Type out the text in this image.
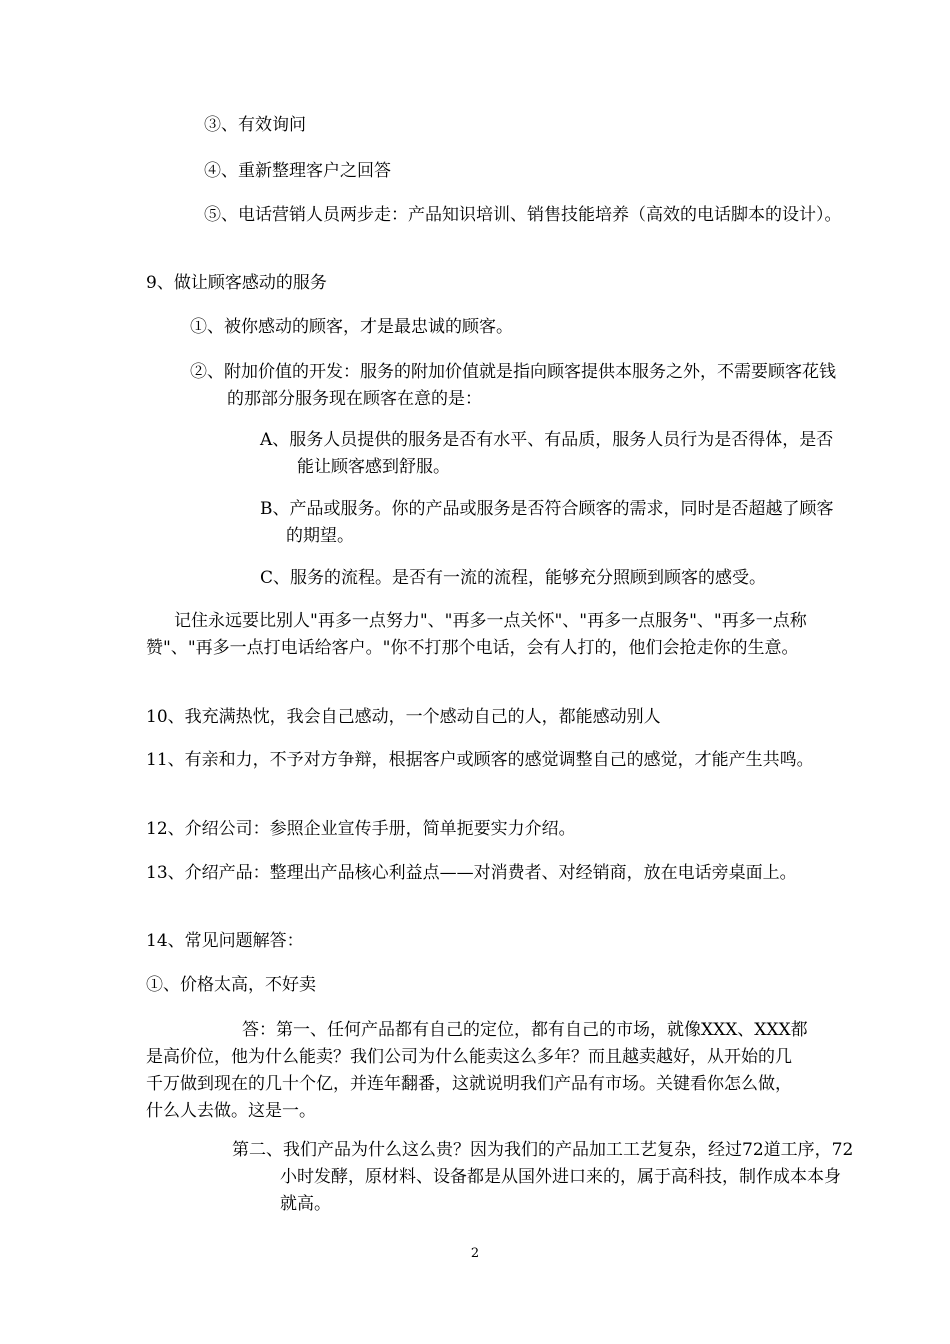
③、有效询问

④、重新整理客户之回答

⑤、电话营销人员两步走：产品知识培训、销售技能培养（高效的电话脚本的设计）。

9、做让顾客感动的服务

①、被你感动的顾客，才是最忠诚的顾客。

②、附加价值的开发：服务的附加价值就是指向顾客提供本服务之外，不需要顾客花钱的那部分服务现在顾客在意的是：

A、服务人员提供的服务是否有水平、有品质，服务人员行为是否得体，是否能让顾客感到舒服。

B、产品或服务。你的产品或服务是否符合顾客的需求，同时是否超越了顾客的期望。

C、服务的流程。是否有一流的流程，能够充分照顾到顾客的感受。

记住永远要比别人"再多一点努力"、"再多一点关怀"、"再多一点服务"、"再多一点称赞"、"再多一点打电话给客户。"你不打那个电话，会有人打的，他们会抢走你的生意。

10、我充满热忱，我会自己感动，一个感动自己的人，都能感动别人

11、有亲和力，不予对方争辩，根据客户或顾客的感觉调整自己的感觉，才能产生共鸣。

12、介绍公司：参照企业宣传手册，简单扼要实力介绍。

13、介绍产品：整理出产品核心利益点——对消费者、对经销商，放在电话旁桌面上。

14、常见问题解答：

①、价格太高，不好卖

答：第一、任何产品都有自己的定位，都有自己的市场，就像XXX、XXX都是高价位，他为什么能卖？我们公司为什么能卖这么多年？而且越卖越好，从开始的几千万做到现在的几十个亿，并连年翻番，这就说明我们产品有市场。关键看你怎么做，什么人去做。这是一。

第二、我们产品为什么这么贵？因为我们的产品加工工艺复杂，经过72道工序，72小时发酵，原材料、设备都是从国外进口来的，属于高科技，制作成本本身就高。

2
